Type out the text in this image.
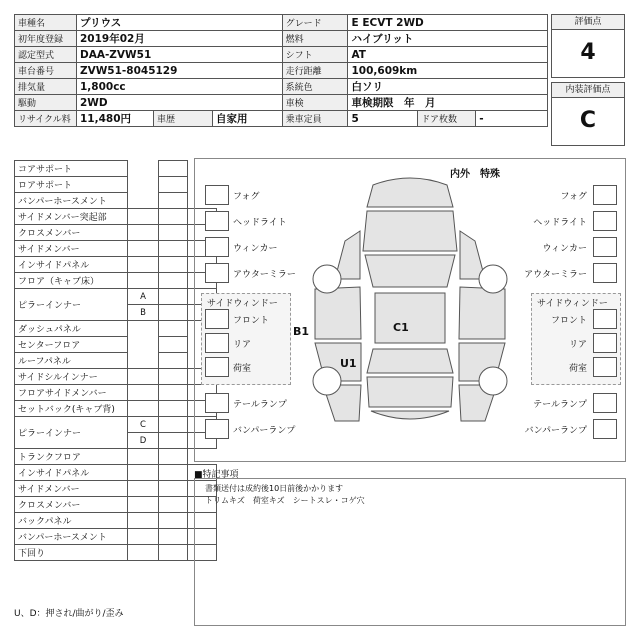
車種名	プリウス	グレード	E ECVT 2WD
初年度登録	2019年02月	燃料	ハイブリット
認定型式	DAA-ZVW51	シフト	AT
車台番号	ZVW51-8045129	走行距離	100,609km
排気量	1,800cc	系統色	白ソリ
駆動	2WD	車検	車検期限　年　月
リサイクル料	11,480円	車歴	自家用
		乗車定員	5	ドア枚数	-
評価点
4
内装評価点
C
コアサポート			
ロアサポート			
バンパーホースメント			
サイドメンバー突起部			
クロスメンバー			
サイドメンバー			
インサイドパネル			
フロア（キャブ床）			
ピラーインナー	A		
	B		
ダッシュパネル			
センターフロア			
ルーフパネル			
サイドシルインナー			
フロアサイドメンバー			
セットバック(キャブ背)			
ピラーインナー	C		
	D		
トランクフロア			
インサイドパネル			
サイドメンバー			
クロスメンバー			
バックパネル			
バンパーホースメント			
下回り			
U、D：押され/曲がり/歪み
内外　特殊
B1	C1
U1
フォグ
ヘッドライト
ウィンカー
アウターミラー
フォグ
ヘッドライト
ウィンカー
アウターミラー
テールランプ
バンパーランプ
テールランプ
バンパーランプ
サイドウィンドー	サイドウィンドー
フロント	フロント
リア	リア
荷室	荷室
■特記事項
書類送付は成約後10日前後かかります
トリムキズ　荷室キズ　シートスレ・コゲ穴
